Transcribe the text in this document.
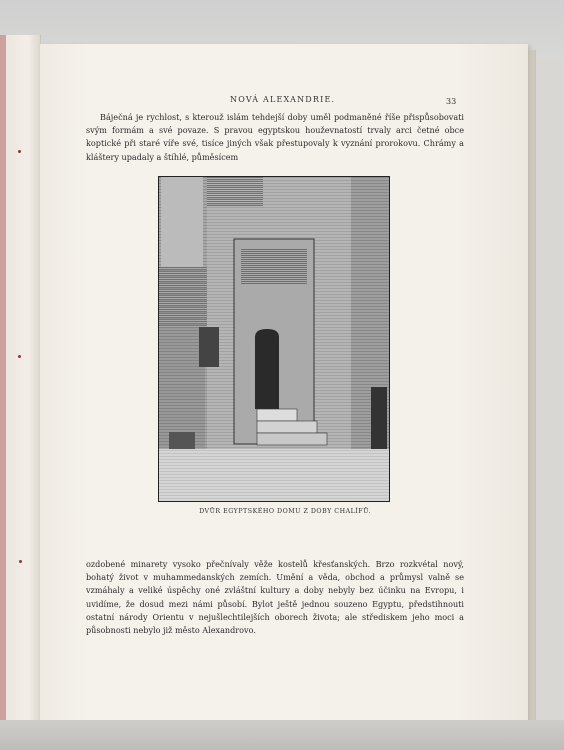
NOVÁ ALEXANDRIE.	33

Báječná je rychlost, s kterouž islám tehdejší doby uměl podmaněné říše přispůsobovati svým formám a své povaze. S pravou egyptskou houževnatostí trvaly arci četné obce koptické při staré víře své, tisíce jiných však přestupovaly k vyznání prorokovu. Chrámy a kláštery upadaly a štíhlé, půměsícem

DVŮR EGYPTSKÉHO DOMU Z DOBY CHALÍFŮ.

ozdobené minarety vysoko přečnívaly věže kostelů křesťanských. Brzo rozkvétal nový, bohatý život v muhammedanských zemích. Umění a věda, obchod a průmysl valně se vzmáhaly a veliké úspěchy oné zvláštní kultury a doby nebyly bez účinku na Evropu, i uvidíme, že dosud mezi námi působí. Bylot ještě jednou souzeno Egyptu, předstihnouti ostatní národy Orientu v nejušlechtilejších oborech života; ale střediskem jeho moci a působnosti nebylo již město Alexandrovo.
